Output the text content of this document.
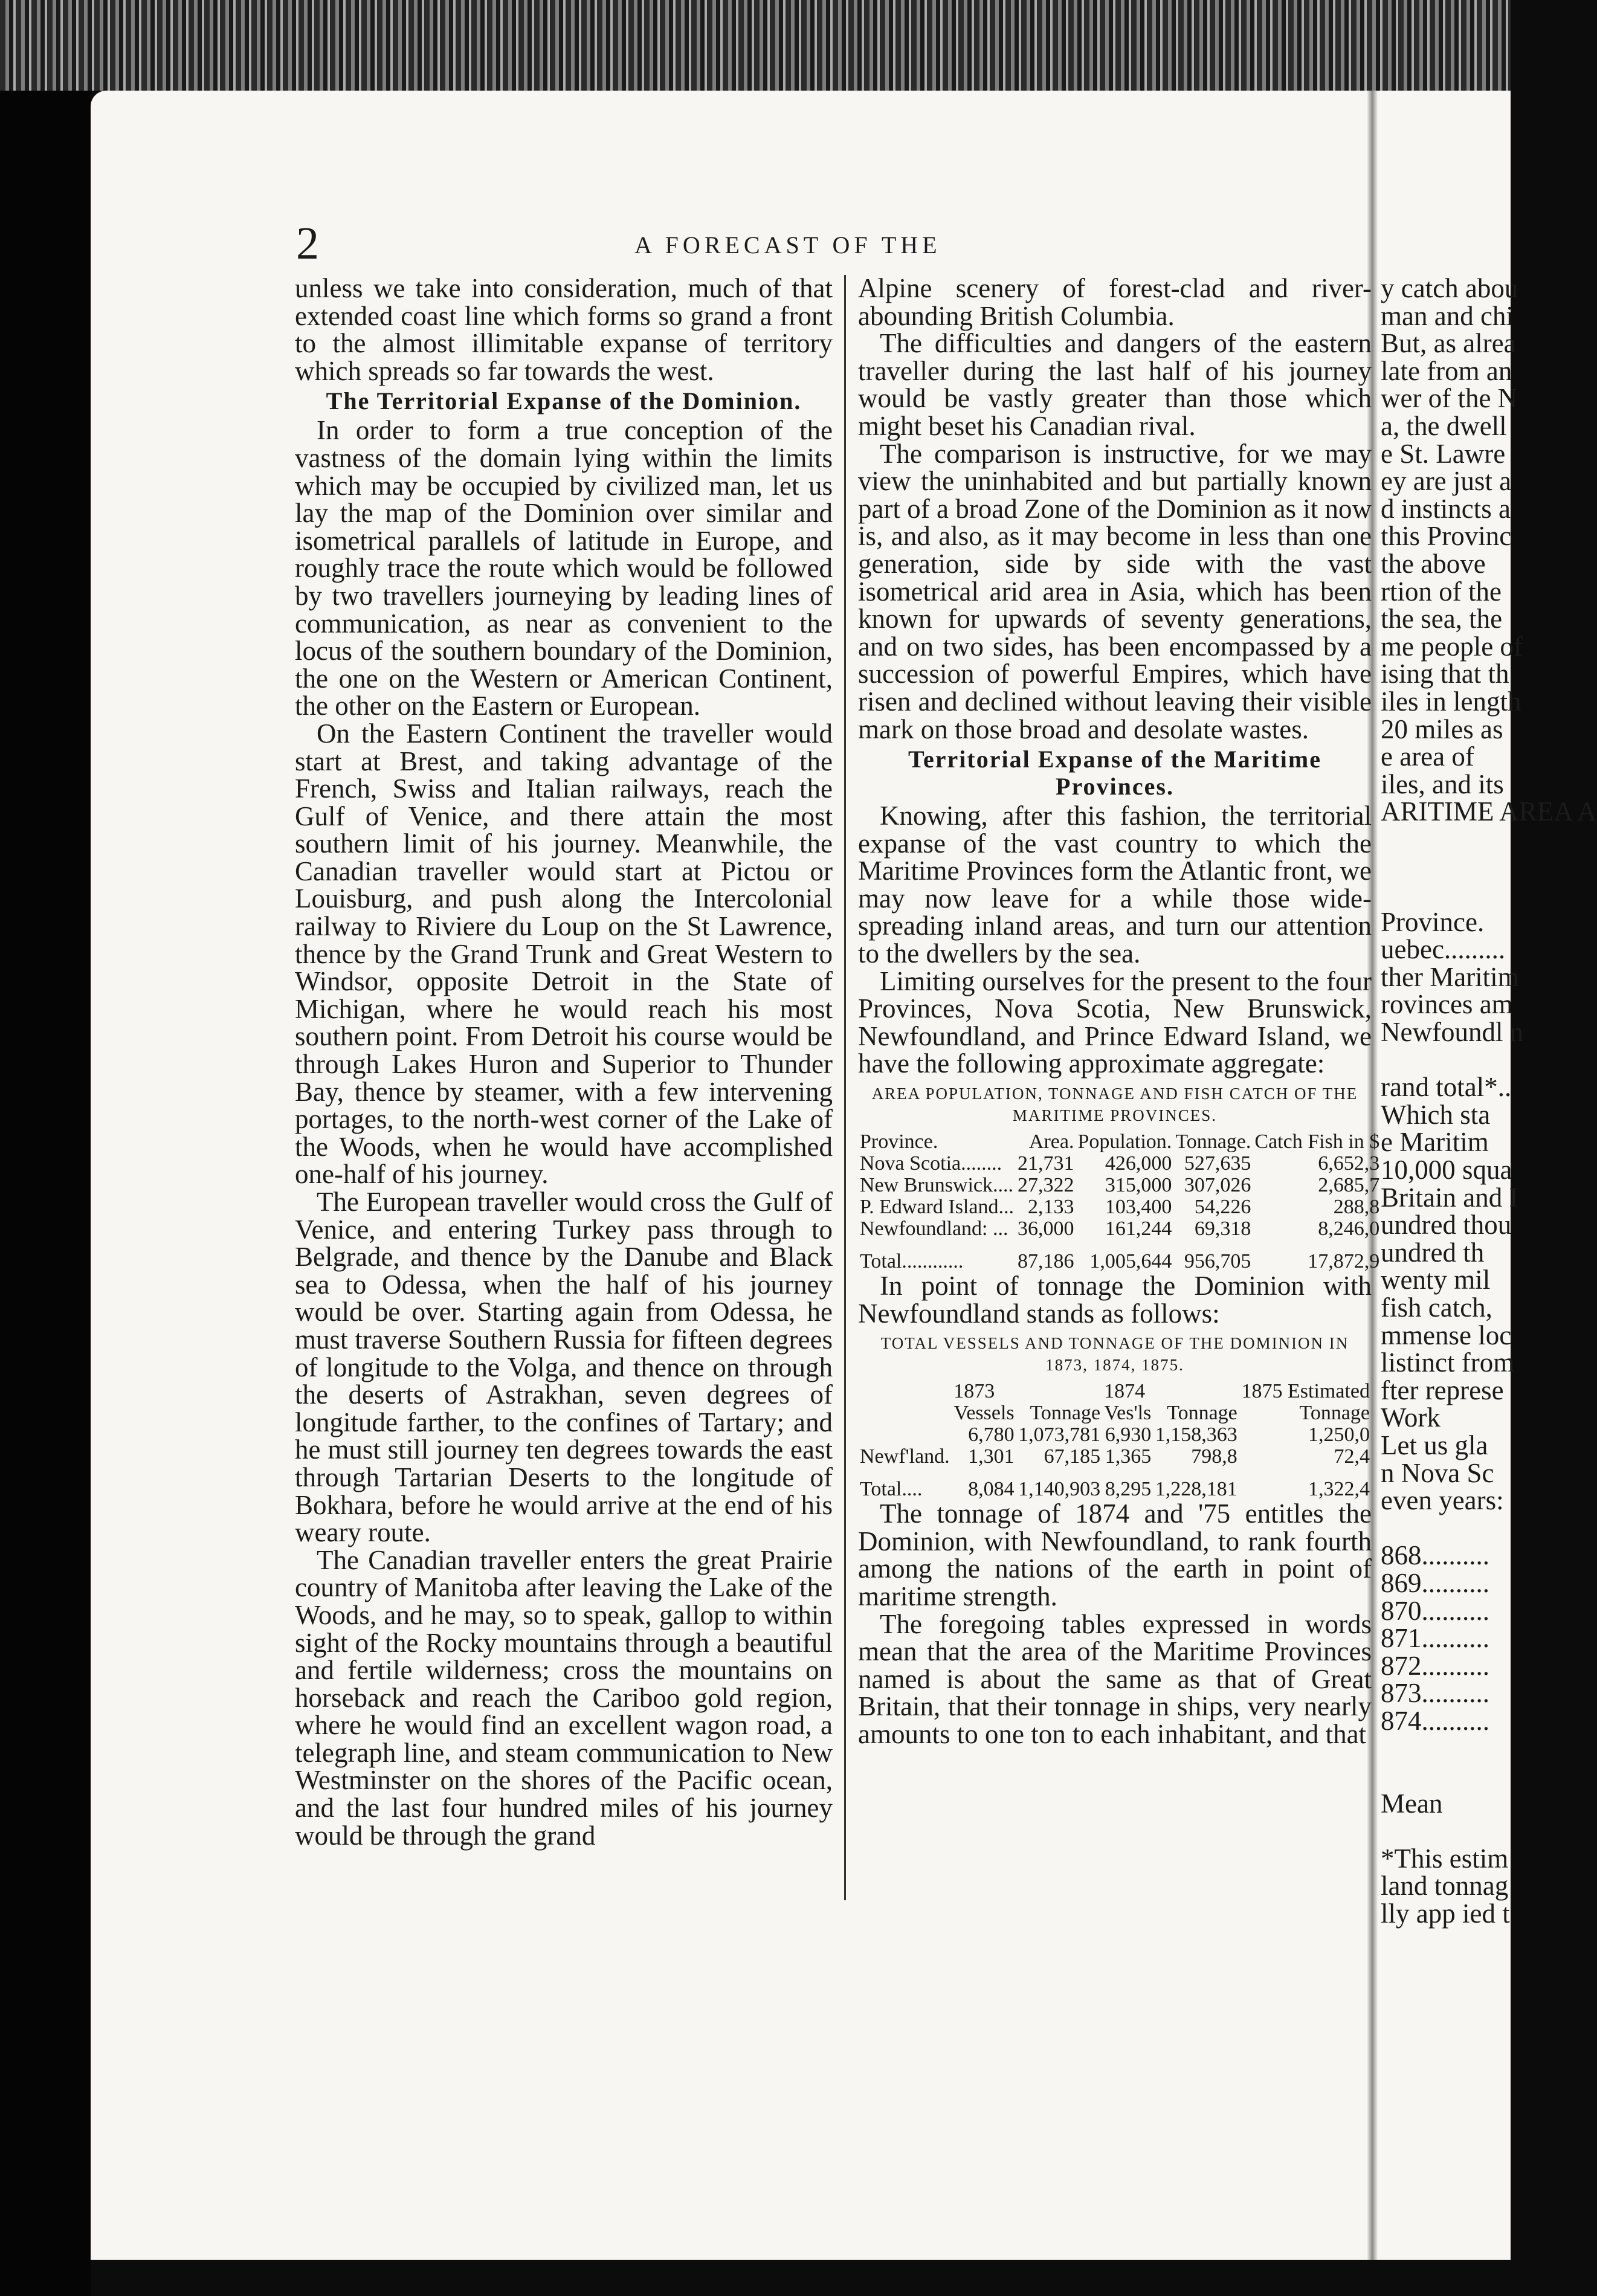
2	A FORECAST OF THE

unless we take into consideration, much of that extended coast line which forms so grand a front to the almost illimitable expanse of territory which spreads so far towards the west.

The Territorial Expanse of the Dominion.

In order to form a true conception of the vastness of the domain lying within the limits which may be occupied by civilized man, let us lay the map of the Dominion over similar and isometrical parallels of latitude in Europe, and roughly trace the route which would be followed by two travellers journeying by leading lines of communication, as near as convenient to the locus of the southern boundary of the Dominion, the one on the Western or American Continent, the other on the Eastern or European.

On the Eastern Continent the traveller would start at Brest, and taking advantage of the French, Swiss and Italian railways, reach the Gulf of Venice, and there attain the most southern limit of his journey. Meanwhile, the Canadian traveller would start at Pictou or Louisburg, and push along the Intercolonial railway to Riviere du Loup on the St Lawrence, thence by the Grand Trunk and Great Western to Windsor, opposite Detroit in the State of Michigan, where he would reach his most southern point. From Detroit his course would be through Lakes Huron and Superior to Thunder Bay, thence by steamer, with a few intervening portages, to the north-west corner of the Lake of the Woods, when he would have accomplished one-half of his journey.

The European traveller would cross the Gulf of Venice, and entering Turkey pass through to Belgrade, and thence by the Danube and Black sea to Odessa, when the half of his journey would be over. Starting again from Odessa, he must traverse Southern Russia for fifteen degrees of longitude to the Volga, and thence on through the deserts of Astrakhan, seven degrees of longitude farther, to the confines of Tartary; and he must still journey ten degrees towards the east through Tartarian Deserts to the longitude of Bokhara, before he would arrive at the end of his weary route.

The Canadian traveller enters the great Prairie country of Manitoba after leaving the Lake of the Woods, and he may, so to speak, gallop to within sight of the Rocky mountains through a beautiful and fertile wilderness; cross the mountains on horseback and reach the Cariboo gold region, where he would find an excellent wagon road, a telegraph line, and steam communication to New Westminster on the shores of the Pacific ocean, and the last four hundred miles of his journey would be through the grand

Alpine scenery of forest-clad and river-abounding British Columbia.

The difficulties and dangers of the eastern traveller during the last half of his journey would be vastly greater than those which might beset his Canadian rival.

The comparison is instructive, for we may view the uninhabited and but partially known part of a broad Zone of the Dominion as it now is, and also, as it may become in less than one generation, side by side with the vast isometrical arid area in Asia, which has been known for upwards of seventy generations, and on two sides, has been encompassed by a succession of powerful Empires, which have risen and declined without leaving their visible mark on those broad and desolate wastes.

Territorial Expanse of the Maritime Provinces.

Knowing, after this fashion, the territorial expanse of the vast country to which the Maritime Provinces form the Atlantic front, we may now leave for a while those wide-spreading inland areas, and turn our attention to the dwellers by the sea.

Limiting ourselves for the present to the four Provinces, Nova Scotia, New Brunswick, Newfoundland, and Prince Edward Island, we have the following approximate aggregate:

AREA POPULATION, TONNAGE AND FISH CATCH OF THE MARITIME PROVINCES.
Province.	Area.	Population.	Tonnage.	Catch Fish in $
Nova Scotia........	21,731	426,000	527,635	6,652,3
New Brunswick....	27,322	315,000	307,026	2,685,7
P. Edward Island...	2,133	103,400	54,226	288,8
Newfoundland: ...	36,000	161,244	69,318	8,246,0
Total............	87,186	1,005,644	956,705	17,872,9

In point of tonnage the Dominion with Newfoundland stands as follows:

TOTAL VESSELS AND TONNAGE OF THE DOMINION IN 1873, 1874, 1875.
	1873		1874		1875 Estimated
	Vessels	Tonnage	Ves'ls	Tonnage	Tonnage
	6,780	1,073,781	6,930	1,158,363	1,250,0
Newf'land.	1,301	67,185	1,365	798,8	72,4
Total....	8,084	1,140,903	8,295	1,228,181	1,322,4

The tonnage of 1874 and '75 entitles the Dominion, with Newfoundland, to rank fourth among the nations of the earth in point of maritime strength.

The foregoing tables expressed in words mean that the area of the Maritime Provinces named is about the same as that of Great Britain, that their tonnage in ships, very nearly amounts to one ton to each inhabitant, and that

y catch abou
man and chi
But, as alrea
late from an
wer of the N
a, the dwell
e St. Lawre
ey are just a
d instincts a
this Provinc
the above
rtion of the
the sea, the
me people of
ising that th
iles in length
20 miles as
e area of
iles, and its
ARITIME AREA A

Province.
uebec.........
ther Maritim
rovinces am
Newfoundl n

rand total*..
Which sta
e Maritim
10,000 squa
Britain and I
undred thou
undred th
wenty mil
fish catch,
mmense loc
listinct from
fter represe
Work
Let us gla
n Nova Sc
even years:

868..........
869..........
870..........
871..........
872..........
873..........
874..........

Mean

*This estim
land tonnag
lly app ied t
